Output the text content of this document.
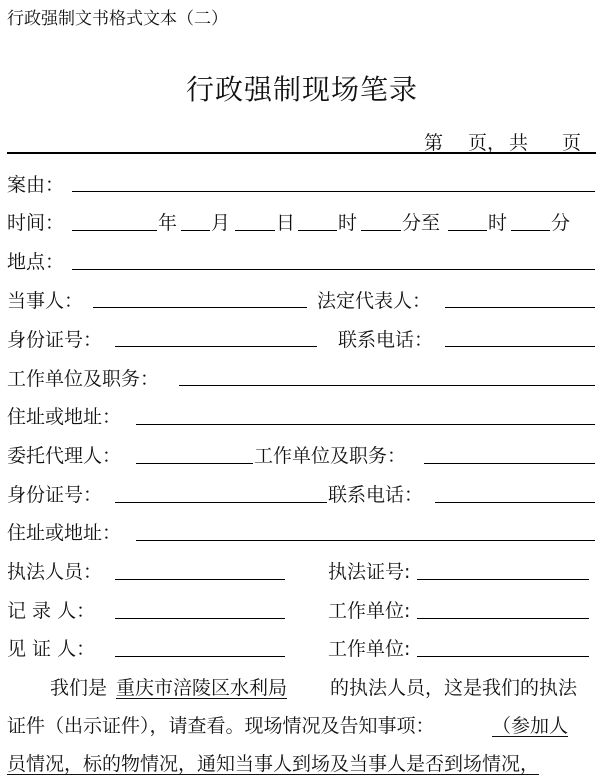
行政强制文书格式文本（二）
行政强制现场笔录
第 页， 共 页
案由：
时间：	年 月 日 时 分至	时 分
地点：
当事人：	法定代表人：
身份证号：	联系电话：
工作单位及职务：
住址或地址：
委托代理人：	工作单位及职务：
身份证号：	联系电话：
住址或地址：
执法人员：	执法证号:
记 录 人：	工作单位:
见 证 人：	工作单位:
我们是 重庆市涪陵区水利局 的执法人员，这是我们的执法
证件（出示证件），请查看。现场情况及告知事项：	（参加人
员情况，标的物情况，通知当事人到场及当事人是否到场情况，
